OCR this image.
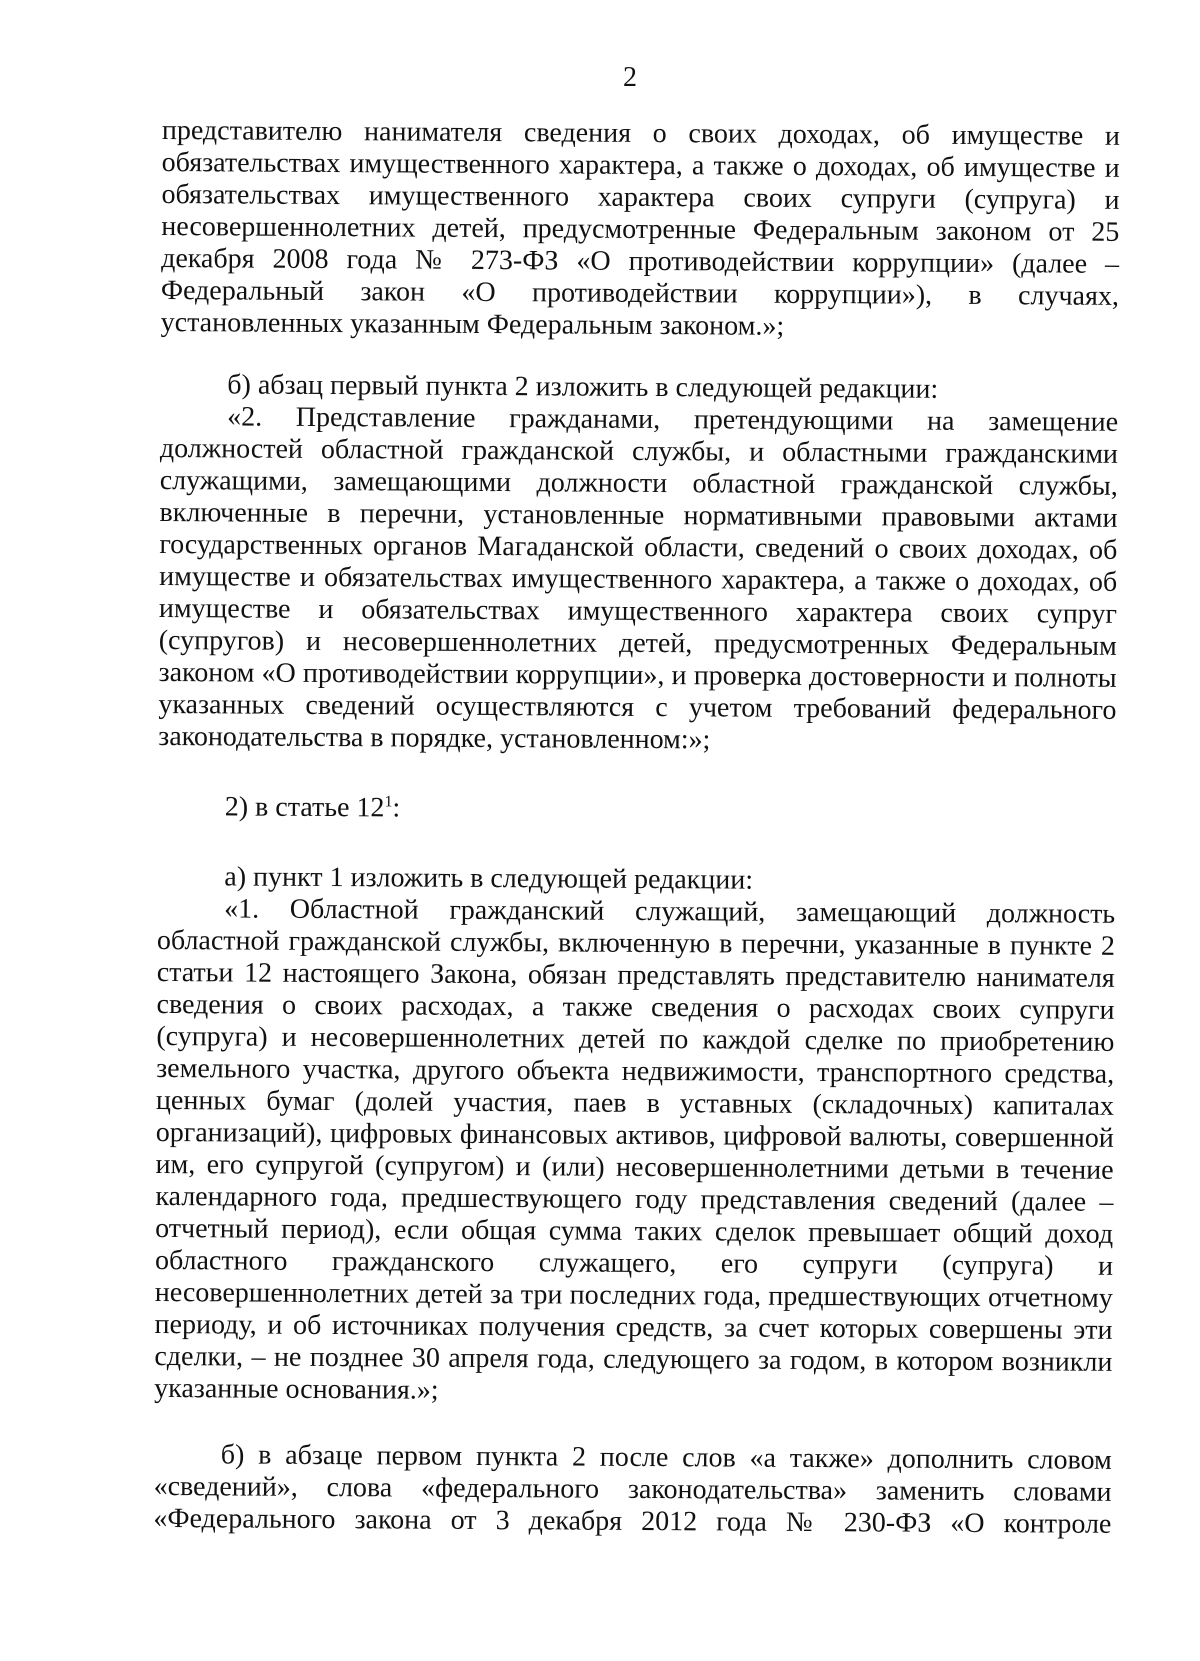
2

представителю нанимателя сведения о своих доходах, об имуществе и обязательствах имущественного характера, а также о доходах, об имуществе и обязательствах имущественного характера своих супруги (супруга) и несовершеннолетних детей, предусмотренные Федеральным законом от 25 декабря 2008 года № 273-ФЗ «О противодействии коррупции» (далее – Федеральный закон «О противодействии коррупции»), в случаях, установленных указанным Федеральным законом.»;

б) абзац первый пункта 2 изложить в следующей редакции:

«2. Представление гражданами, претендующими на замещение должностей областной гражданской службы, и областными гражданскими служащими, замещающими должности областной гражданской службы, включенные в перечни, установленные нормативными правовыми актами государственных органов Магаданской области, сведений о своих доходах, об имуществе и обязательствах имущественного характера, а также о доходах, об имуществе и обязательствах имущественного характера своих супруг (супругов) и несовершеннолетних детей, предусмотренных Федеральным законом «О противодействии коррупции», и проверка достоверности и полноты указанных сведений осуществляются с учетом требований федерального законодательства в порядке, установленном:»;

2) в статье $12^1$:

а) пункт 1 изложить в следующей редакции:

«1. Областной гражданский служащий, замещающий должность областной гражданской службы, включенную в перечни, указанные в пункте 2 статьи 12 настоящего Закона, обязан представлять представителю нанимателя сведения о своих расходах, а также сведения о расходах своих супруги (супруга) и несовершеннолетних детей по каждой сделке по приобретению земельного участка, другого объекта недвижимости, транспортного средства, ценных бумаг (долей участия, паев в уставных (складочных) капиталах организаций), цифровых финансовых активов, цифровой валюты, совершенной им, его супругой (супругом) и (или) несовершеннолетними детьми в течение календарного года, предшествующего году представления сведений (далее – отчетный период), если общая сумма таких сделок превышает общий доход областного гражданского служащего, его супруги (супруга) и несовершеннолетних детей за три последних года, предшествующих отчетному периоду, и об источниках получения средств, за счет которых совершены эти сделки, – не позднее 30 апреля года, следующего за годом, в котором возникли указанные основания.»;

б) в абзаце первом пункта 2 после слов «а также» дополнить словом «сведений», слова «федерального законодательства» заменить словами «Федерального закона от 3 декабря 2012 года № 230-ФЗ «О контроле
